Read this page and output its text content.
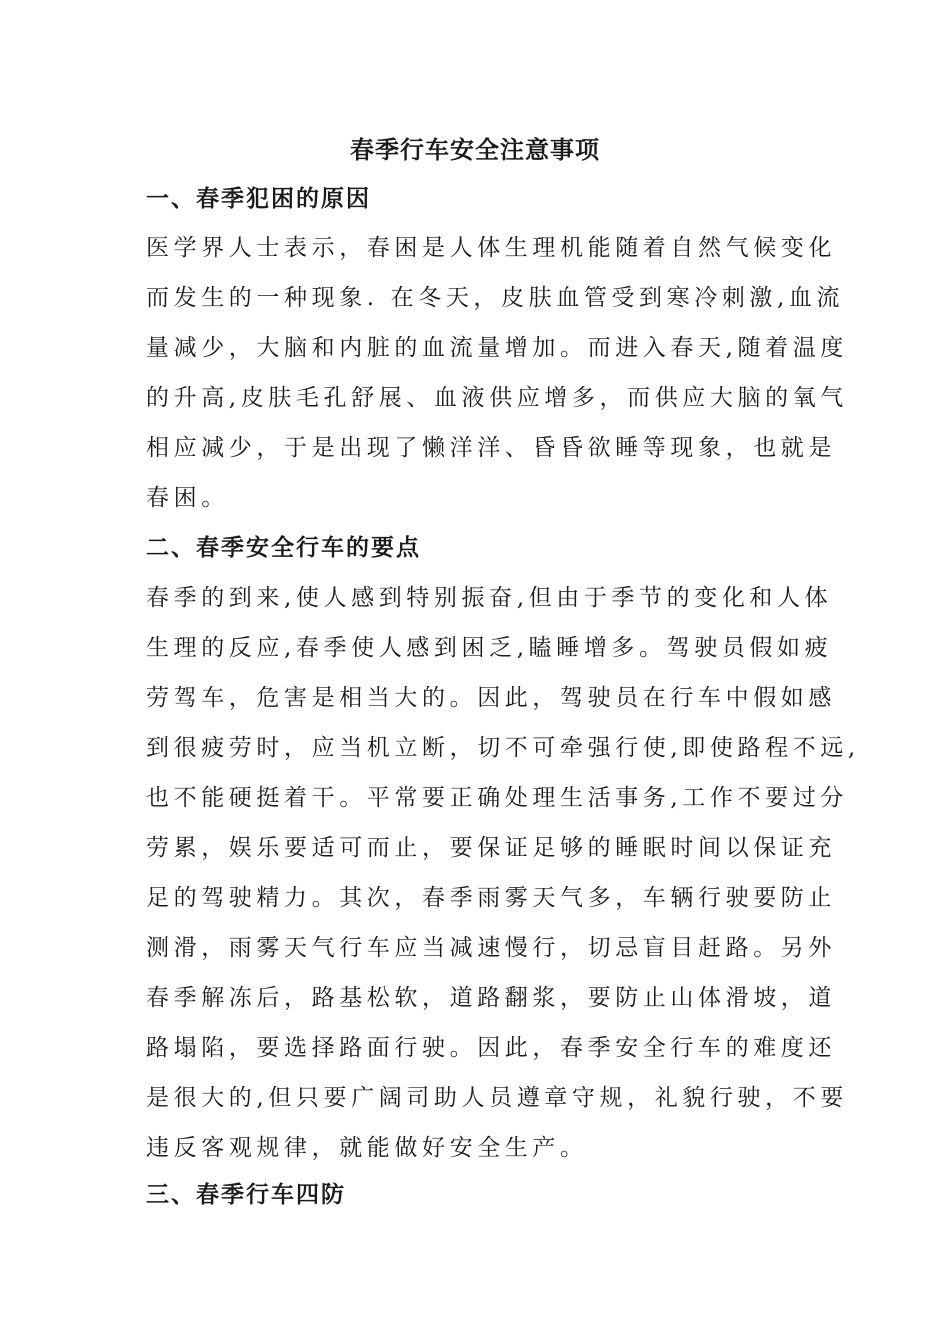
春季行车安全注意事项
一、春季犯困的原因
医学界人士表示，春困是人体生理机能随着自然气候变化
而发生的一种现象. 在冬天，皮肤血管受到寒冷刺激,血流
量减少，大脑和内脏的血流量增加。而进入春天,随着温度
的升高,皮肤毛孔舒展、血液供应增多，而供应大脑的氧气
相应减少，于是出现了懒洋洋、昏昏欲睡等现象，也就是
春困。
二、春季安全行车的要点
春季的到来,使人感到特别振奋,但由于季节的变化和人体
生理的反应,春季使人感到困乏,瞌睡增多。驾驶员假如疲
劳驾车，危害是相当大的。因此，驾驶员在行车中假如感
到很疲劳时，应当机立断，切不可牵强行使,即使路程不远,
也不能硬挺着干。平常要正确处理生活事务,工作不要过分
劳累，娱乐要适可而止，要保证足够的睡眠时间以保证充
足的驾驶精力。其次，春季雨雾天气多，车辆行驶要防止
测滑，雨雾天气行车应当减速慢行，切忌盲目赶路。另外
春季解冻后，路基松软，道路翻浆，要防止山体滑坡，道
路塌陷，要选择路面行驶。因此，春季安全行车的难度还
是很大的,但只要广阔司助人员遵章守规，礼貌行驶，不要
违反客观规律，就能做好安全生产。
三、春季行车四防
